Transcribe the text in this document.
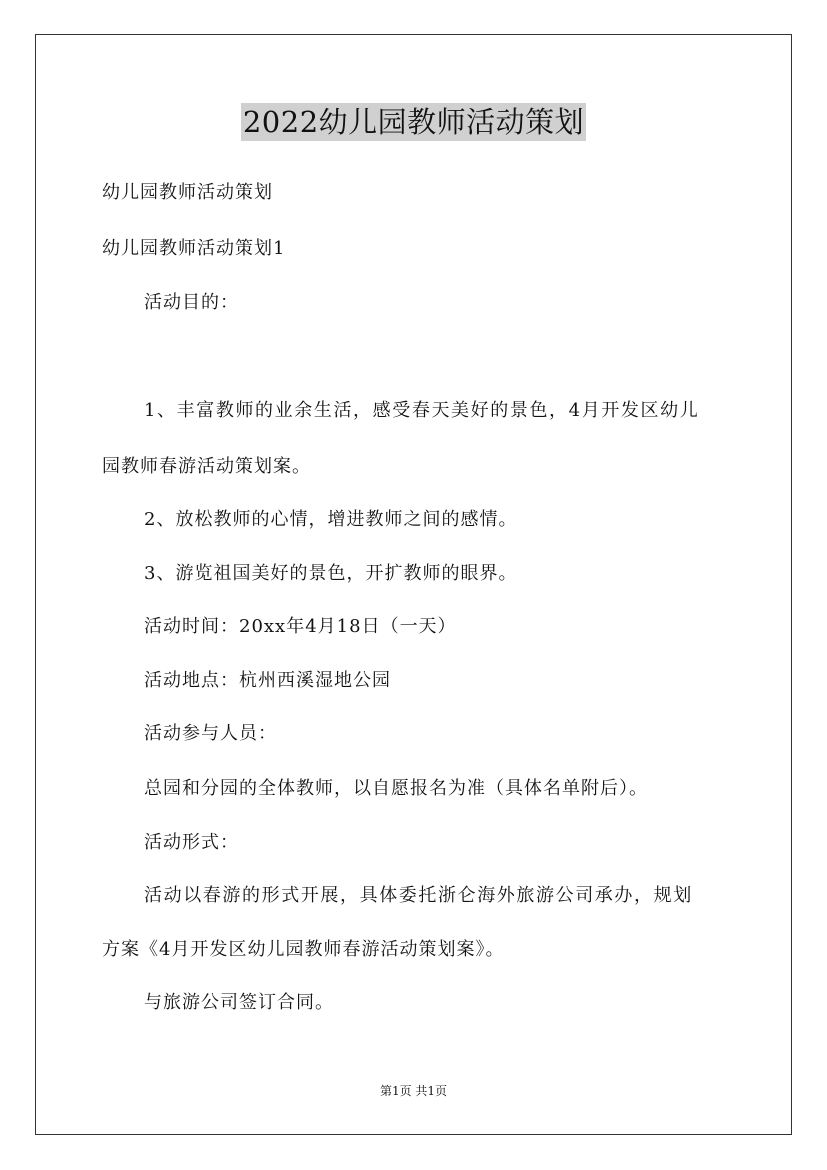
2022幼儿园教师活动策划
幼儿园教师活动策划
幼儿园教师活动策划1
活动目的：
1、丰富教师的业余生活，感受春天美好的景色，4月开发区幼儿
园教师春游活动策划案。
2、放松教师的心情，增进教师之间的感情。
3、游览祖国美好的景色，开扩教师的眼界。
活动时间：20xx年4月18日（一天）
活动地点：杭州西溪湿地公园
活动参与人员：
总园和分园的全体教师，以自愿报名为准（具体名单附后）。
活动形式：
活动以春游的形式开展，具体委托浙仑海外旅游公司承办，规划
方案《4月开发区幼儿园教师春游活动策划案》。
与旅游公司签订合同。
第1页 共1页
